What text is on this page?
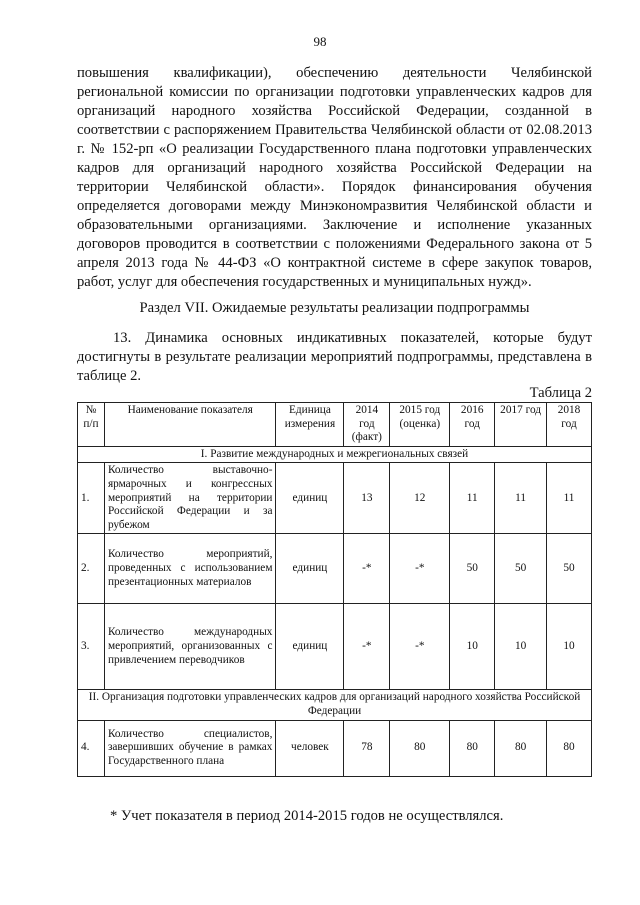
98
повышения квалификации), обеспечению деятельности Челябинской региональной комиссии по организации подготовки управленческих кадров для организаций народного хозяйства Российской Федерации, созданной в соответствии с распоряжением Правительства Челябинской области от 02.08.2013 г. № 152-рп «О реализации Государственного плана подготовки управленческих кадров для организаций народного хозяйства Российской Федерации на территории Челябинской области». Порядок финансирования обучения определяется договорами между Минэкономразвития Челябинской области и образовательными организациями. Заключение и исполнение указанных договоров проводится в соответствии с положениями Федерального закона от 5 апреля 2013 года № 44-ФЗ «О контрактной системе в сфере закупок товаров, работ, услуг для обеспечения государственных и муниципальных нужд».
Раздел VII. Ожидаемые результаты реализации подпрограммы
13. Динамика основных индикативных показателей, которые будут достигнуты в результате реализации мероприятий подпрограммы, представлена в таблице 2.
Таблица 2
№ п/п	Наименование показателя	Единица измерения	2014 год (факт)	2015 год (оценка)	2016 год	2017 год	2018 год
I. Развитие международных и межрегиональных связей							
1.	Количество выставочно-ярмарочных и конгрессных мероприятий на территории Российской Федерации и за рубежом	единиц	13	12	11	11	11
2.	Количество мероприятий, проведенных с использованием презентационных материалов	единиц	-*	-*	50	50	50
3.	Количество международных мероприятий, организованных с привлечением переводчиков	единиц	-*	-*	10	10	10
II. Организация подготовки управленческих кадров для организаций народного хозяйства Российской Федерации							
4.	Количество специалистов, завершивших обучение в рамках Государственного плана	человек	78	80	80	80	80
* Учет показателя в период 2014-2015 годов не осуществлялся.
